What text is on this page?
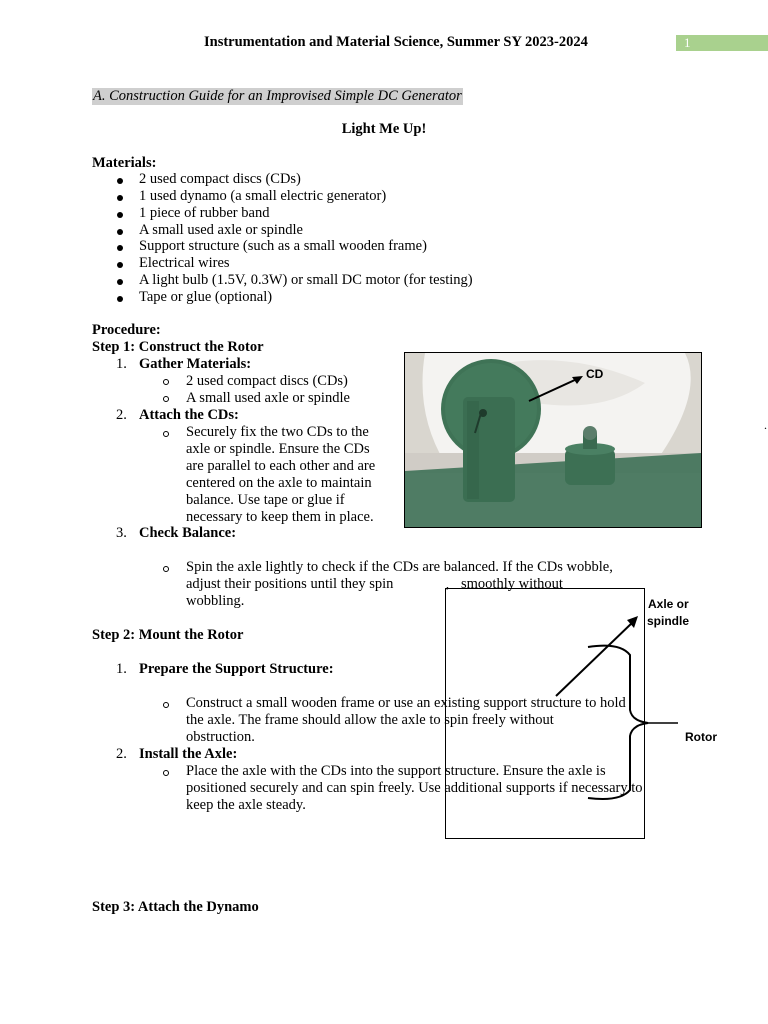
Instrumentation and Material Science, Summer SY 2023-2024	1
A. Construction Guide for an Improvised Simple DC Generator
Light Me Up!
Materials:
2 used compact discs (CDs)
1 used dynamo (a small electric generator)
1 piece of rubber band
A small used axle or spindle
Support structure (such as a small wooden frame)
Electrical wires
A light bulb (1.5V, 0.3W) or small DC motor (for testing)
Tape or glue (optional)
Procedure:
Step 1: Construct the Rotor
1. Gather Materials:
2 used compact discs (CDs)
A small used axle or spindle
2. Attach the CDs:
Securely fix the two CDs to the
axle or spindle. Ensure the CDs
are parallel to each other and are
centered on the axle to maintain
balance. Use tape or glue if
necessary to keep them in place.
3. Check Balance:
Spin the axle lightly to check if the CDs are balanced. If the CDs wobble,
adjust their positions until they spin	, smoothly without
wobbling.
Step 2: Mount the Rotor
1. Prepare the Support Structure:
Construct a small wooden frame or use an existing support structure to hold
the axle. The frame should allow the axle to spin freely without
obstruction.
2. Install the Axle:
Place the axle with the CDs into the support structure. Ensure the axle is
positioned securely and can spin freely. Use additional supports if necessary to
keep the axle steady.
Step 3: Attach the Dynamo
CD
Axle or
spindle
Rotor
.
